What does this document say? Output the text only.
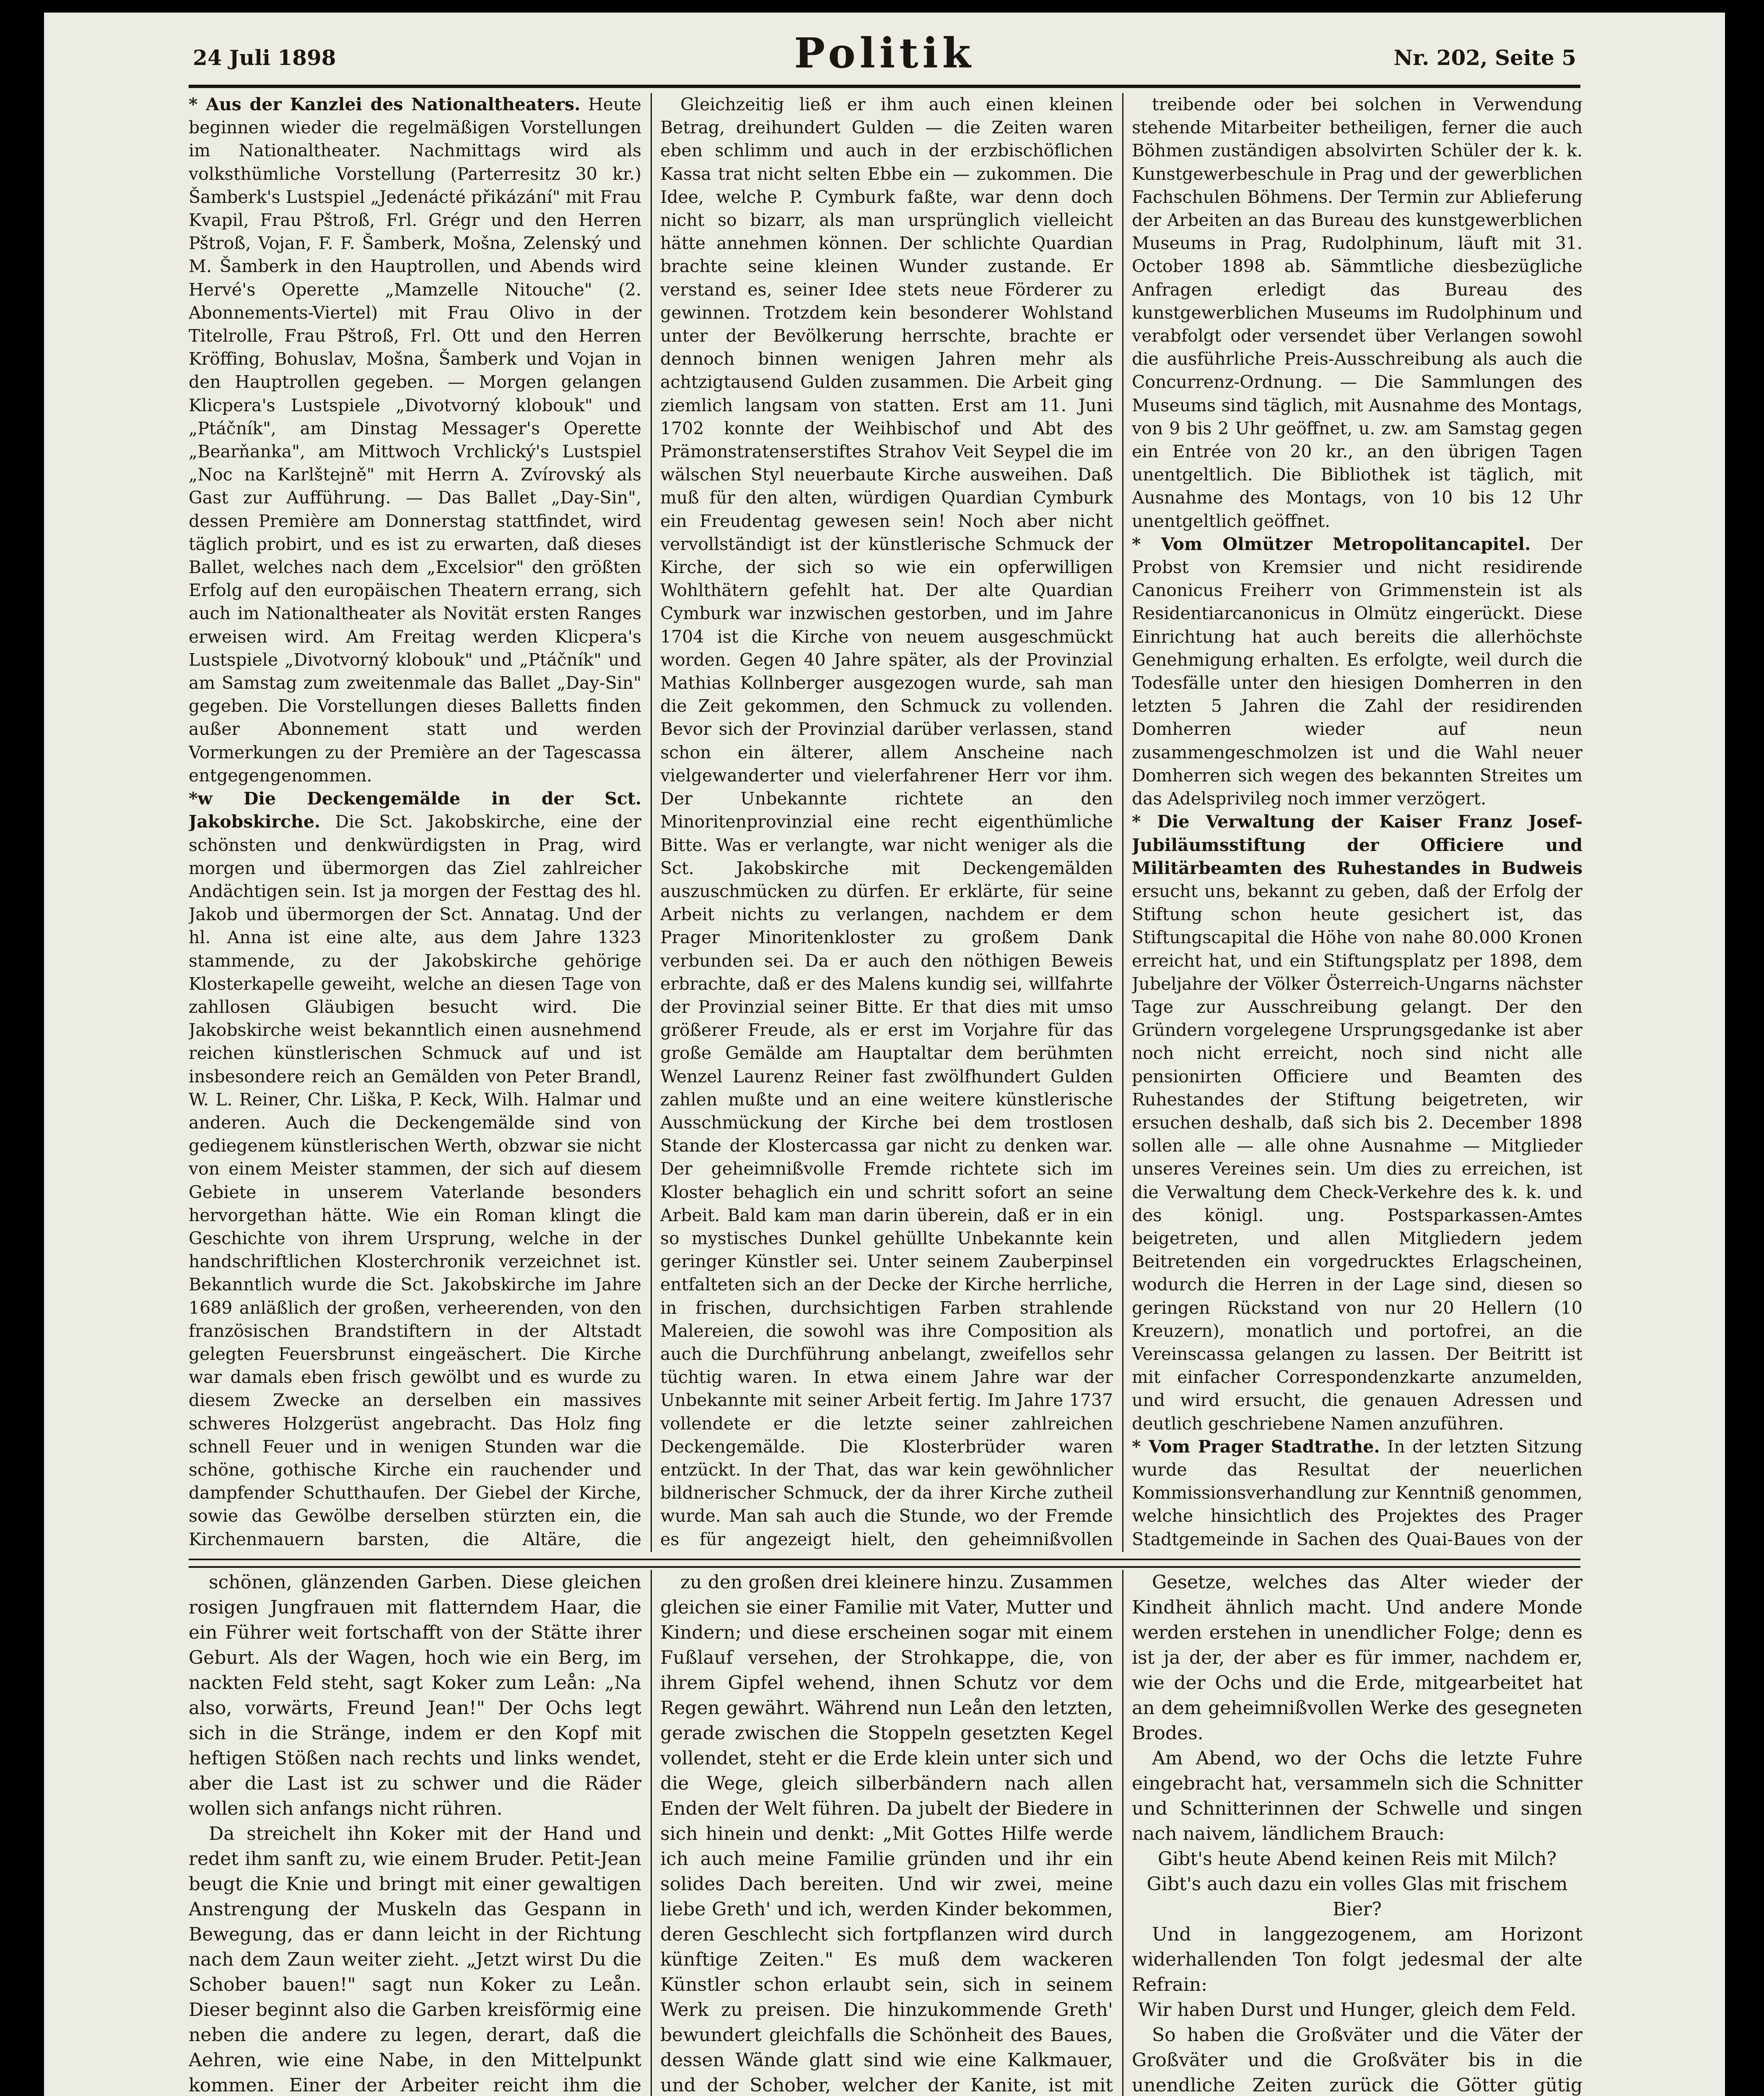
24 Juli 1898	Politik	Nr. 202, Seite 5

* Aus der Kanzlei des Nationaltheaters. Heute beginnen wieder die regelmäßigen Vorstellungen im Nationaltheater. Nachmittags wird als volksthümliche Vorstellung (Parterresitz 30 kr.) Šamberk's Lustspiel „Jedenácté přikázání" mit Frau Kvapil, Frau Pštroß, Frl. Grégr und den Herren Pštroß, Vojan, F. F. Šamberk, Mošna, Zelenský und M. Šamberk in den Hauptrollen, und Abends wird Hervé's Operette „Mamzelle Nitouche" (2. Abonnements-Viertel) mit Frau Olivo in der Titelrolle, Frau Pštroß, Frl. Ott und den Herren Kröffing, Bohuslav, Mošna, Šamberk und Vojan in den Hauptrollen gegeben. — Morgen gelangen Klicpera's Lustspiele „Divotvorný klobouk" und „Ptáčník", am Dinstag Messager's Operette „Bearňanka", am Mittwoch Vrchlický's Lustspiel „Noc na Karlštejně" mit Herrn A. Zvírovský als Gast zur Aufführung. — Das Ballet „Day-Sin", dessen Première am Donnerstag stattfindet, wird täglich probirt, und es ist zu erwarten, daß dieses Ballet, welches nach dem „Excelsior" den größten Erfolg auf den europäischen Theatern errang, sich auch im Nationaltheater als Novität ersten Ranges erweisen wird. Am Freitag werden Klicpera's Lustspiele „Divotvorný klobouk" und „Ptáčník" und am Samstag zum zweitenmale das Ballet „Day-Sin" gegeben. Die Vorstellungen dieses Balletts finden außer Abonnement statt und werden Vormerkungen zu der Première an der Tagescassa entgegengenommen.

*w Die Deckengemälde in der Sct. Jakobskirche. Die Sct. Jakobskirche, eine der schönsten und denkwürdigsten in Prag, wird morgen und übermorgen das Ziel zahlreicher Andächtigen sein. Ist ja morgen der Festtag des hl. Jakob und übermorgen der Sct. Annatag. Und der hl. Anna ist eine alte, aus dem Jahre 1323 stammende, zu der Jakobskirche gehörige Klosterkapelle geweiht, welche an diesen Tage von zahllosen Gläubigen besucht wird. Die Jakobskirche weist bekanntlich einen ausnehmend reichen künstlerischen Schmuck auf und ist insbesondere reich an Gemälden von Peter Brandl, W. L. Reiner, Chr. Liška, P. Keck, Wilh. Halmar und anderen. Auch die Deckengemälde sind von gediegenem künstlerischen Werth, obzwar sie nicht von einem Meister stammen, der sich auf diesem Gebiete in unserem Vaterlande besonders hervorgethan hätte. Wie ein Roman klingt die Geschichte von ihrem Ursprung, welche in der handschriftlichen Klosterchronik verzeichnet ist. Bekanntlich wurde die Sct. Jakobskirche im Jahre 1689 anläßlich der großen, verheerenden, von den französischen Brandstiftern in der Altstadt gelegten Feuersbrunst eingeäschert. Die Kirche war damals eben frisch gewölbt und es wurde zu diesem Zwecke an derselben ein massives schweres Holzgerüst angebracht. Das Holz fing schnell Feuer und in wenigen Stunden war die schöne, gothische Kirche ein rauchender und dampfender Schutthaufen. Der Giebel der Kirche, sowie das Gewölbe derselben stürzten ein, die Kirchenmauern barsten, die Altäre, die

Gleichzeitig ließ er ihm auch einen kleinen Betrag, dreihundert Gulden — die Zeiten waren eben schlimm und auch in der erzbischöflichen Kassa trat nicht selten Ebbe ein — zukommen. Die Idee, welche P. Cymburk faßte, war denn doch nicht so bizarr, als man ursprünglich vielleicht hätte annehmen können. Der schlichte Quardian brachte seine kleinen Wunder zustande. Er verstand es, seiner Idee stets neue Förderer zu gewinnen. Trotzdem kein besonderer Wohlstand unter der Bevölkerung herrschte, brachte er dennoch binnen wenigen Jahren mehr als achtzigtausend Gulden zusammen. Die Arbeit ging ziemlich langsam von statten. Erst am 11. Juni 1702 konnte der Weihbischof und Abt des Prämonstratenserstiftes Strahov Veit Seypel die im wälschen Styl neuerbaute Kirche ausweihen. Daß muß für den alten, würdigen Quardian Cymburk ein Freudentag gewesen sein! Noch aber nicht vervollständigt ist der künstlerische Schmuck der Kirche, der sich so wie ein opferwilligen Wohlthätern gefehlt hat. Der alte Quardian Cymburk war inzwischen gestorben, und im Jahre 1704 ist die Kirche von neuem ausgeschmückt worden. Gegen 40 Jahre später, als der Provinzial Mathias Kollnberger ausgezogen wurde, sah man die Zeit gekommen, den Schmuck zu vollenden. Bevor sich der Provinzial darüber verlassen, stand schon ein älterer, allem Anscheine nach vielgewanderter und vielerfahrener Herr vor ihm. Der Unbekannte richtete an den Minoritenprovinzial eine recht eigenthümliche Bitte. Was er verlangte, war nicht weniger als die Sct. Jakobskirche mit Deckengemälden auszuschmücken zu dürfen. Er erklärte, für seine Arbeit nichts zu verlangen, nachdem er dem Prager Minoritenkloster zu großem Dank verbunden sei. Da er auch den nöthigen Beweis erbrachte, daß er des Malens kundig sei, willfahrte der Provinzial seiner Bitte. Er that dies mit umso größerer Freude, als er erst im Vorjahre für das große Gemälde am Hauptaltar dem berühmten Wenzel Laurenz Reiner fast zwölfhundert Gulden zahlen mußte und an eine weitere künstlerische Ausschmückung der Kirche bei dem trostlosen Stande der Klostercassa gar nicht zu denken war. Der geheimnißvolle Fremde richtete sich im Kloster behaglich ein und schritt sofort an seine Arbeit. Bald kam man darin überein, daß er in ein so mystisches Dunkel gehüllte Unbekannte kein geringer Künstler sei. Unter seinem Zauberpinsel entfalteten sich an der Decke der Kirche herrliche, in frischen, durchsichtigen Farben strahlende Malereien, die sowohl was ihre Composition als auch die Durchführung anbelangt, zweifellos sehr tüchtig waren. In etwa einem Jahre war der Unbekannte mit seiner Arbeit fertig. Im Jahre 1737 vollendete er die letzte seiner zahlreichen Deckengemälde. Die Klosterbrüder waren entzückt. In der That, das war kein gewöhnlicher bildnerischer Schmuck, der da ihrer Kirche zutheil wurde. Man sah auch die Stunde, wo der Fremde es für angezeigt hielt, den geheimnißvollen

treibende oder bei solchen in Verwendung stehende Mitarbeiter betheiligen, ferner die auch Böhmen zuständigen absolvirten Schüler der k. k. Kunstgewerbeschule in Prag und der gewerblichen Fachschulen Böhmens. Der Termin zur Ablieferung der Arbeiten an das Bureau des kunstgewerblichen Museums in Prag, Rudolphinum, läuft mit 31. October 1898 ab. Sämmtliche diesbezügliche Anfragen erledigt das Bureau des kunstgewerblichen Museums im Rudolphinum und verabfolgt oder versendet über Verlangen sowohl die ausführliche Preis-Ausschreibung als auch die Concurrenz-Ordnung. — Die Sammlungen des Museums sind täglich, mit Ausnahme des Montags, von 9 bis 2 Uhr geöffnet, u. zw. am Samstag gegen ein Entrée von 20 kr., an den übrigen Tagen unentgeltlich. Die Bibliothek ist täglich, mit Ausnahme des Montags, von 10 bis 12 Uhr unentgeltlich geöffnet.

* Vom Olmützer Metropolitancapitel. Der Probst von Kremsier und nicht residirende Canonicus Freiherr von Grimmenstein ist als Residentiarcanonicus in Olmütz eingerückt. Diese Einrichtung hat auch bereits die allerhöchste Genehmigung erhalten. Es erfolgte, weil durch die Todesfälle unter den hiesigen Domherren in den letzten 5 Jahren die Zahl der residirenden Domherren wieder auf neun zusammengeschmolzen ist und die Wahl neuer Domherren sich wegen des bekannten Streites um das Adelsprivileg noch immer verzögert.

* Die Verwaltung der Kaiser Franz Josef-Jubiläumsstiftung der Officiere und Militärbeamten des Ruhestandes in Budweis ersucht uns, bekannt zu geben, daß der Erfolg der Stiftung schon heute gesichert ist, das Stiftungscapital die Höhe von nahe 80.000 Kronen erreicht hat, und ein Stiftungsplatz per 1898, dem Jubeljahre der Völker Österreich-Ungarns nächster Tage zur Ausschreibung gelangt. Der den Gründern vorgelegene Ursprungsgedanke ist aber noch nicht erreicht, noch sind nicht alle pensionirten Officiere und Beamten des Ruhestandes der Stiftung beigetreten, wir ersuchen deshalb, daß sich bis 2. December 1898 sollen alle — alle ohne Ausnahme — Mitglieder unseres Vereines sein. Um dies zu erreichen, ist die Verwaltung dem Check-Verkehre des k. k. und des königl. ung. Postsparkassen-Amtes beigetreten, und allen Mitgliedern jedem Beitretenden ein vorgedrucktes Erlagscheinen, wodurch die Herren in der Lage sind, diesen so geringen Rückstand von nur 20 Hellern (10 Kreuzern), monatlich und portofrei, an die Vereinscassa gelangen zu lassen. Der Beitritt ist mit einfacher Correspondenzkarte anzumelden, und wird ersucht, die genauen Adressen und deutlich geschriebene Namen anzuführen.

* Vom Prager Stadtrathe. In der letzten Sitzung wurde das Resultat der neuerlichen Kommissionsverhandlung zur Kenntniß genommen, welche hinsichtlich des Projektes des Prager Stadtgemeinde in Sachen des Quai-Baues von der

schönen, glänzenden Garben. Diese gleichen rosigen Jungfrauen mit flatterndem Haar, die ein Führer weit fortschafft von der Stätte ihrer Geburt. Als der Wagen, hoch wie ein Berg, im nackten Feld steht, sagt Koker zum Leån: „Na also, vorwärts, Freund Jean!" Der Ochs legt sich in die Stränge, indem er den Kopf mit heftigen Stößen nach rechts und links wendet, aber die Last ist zu schwer und die Räder wollen sich anfangs nicht rühren.

Da streichelt ihn Koker mit der Hand und redet ihm sanft zu, wie einem Bruder. Petit-Jean beugt die Knie und bringt mit einer gewaltigen Anstrengung der Muskeln das Gespann in Bewegung, das er dann leicht in der Richtung nach dem Zaun weiter zieht. „Jetzt wirst Du die Schober bauen!" sagt nun Koker zu Leån. Dieser beginnt also die Garben kreisförmig eine neben die andere zu legen, derart, daß die Aehren, wie eine Nabe, in den Mittelpunkt kommen. Einer der Arbeiter reicht ihm die

zu den großen drei kleinere hinzu. Zusammen gleichen sie einer Familie mit Vater, Mutter und Kindern; und diese erscheinen sogar mit einem Fußlauf versehen, der Strohkappe, die, von ihrem Gipfel wehend, ihnen Schutz vor dem Regen gewährt. Während nun Leån den letzten, gerade zwischen die Stoppeln gesetzten Kegel vollendet, steht er die Erde klein unter sich und die Wege, gleich silberbändern nach allen Enden der Welt führen. Da jubelt der Biedere in sich hinein und denkt: „Mit Gottes Hilfe werde ich auch meine Familie gründen und ihr ein solides Dach bereiten. Und wir zwei, meine liebe Greth' und ich, werden Kinder bekommen, deren Geschlecht sich fortpflanzen wird durch künftige Zeiten." Es muß dem wackeren Künstler schon erlaubt sein, sich in seinem Werk zu preisen. Die hinzukommende Greth' bewundert gleichfalls die Schönheit des Baues, dessen Wände glatt sind wie eine Kalkmauer, und der Schober, welcher der Kanite, ist mit

Gesetze, welches das Alter wieder der Kindheit ähnlich macht. Und andere Monde werden erstehen in unendlicher Folge; denn es ist ja der, der aber es für immer, nachdem er, wie der Ochs und die Erde, mitgearbeitet hat an dem geheimnißvollen Werke des gesegneten Brodes.

Am Abend, wo der Ochs die letzte Fuhre eingebracht hat, versammeln sich die Schnitter und Schnitterinnen der Schwelle und singen nach naivem, ländlichem Brauch:

Gibt's heute Abend keinen Reis mit Milch?
Gibt's auch dazu ein volles Glas mit frischem Bier?

Und in langgezogenem, am Horizont widerhallenden Ton folgt jedesmal der alte Refrain:

Wir haben Durst und Hunger, gleich dem Feld.

So haben die Großväter und die Väter der Großväter und die Großväter bis in die unendliche Zeiten zurück die Götter gütig
